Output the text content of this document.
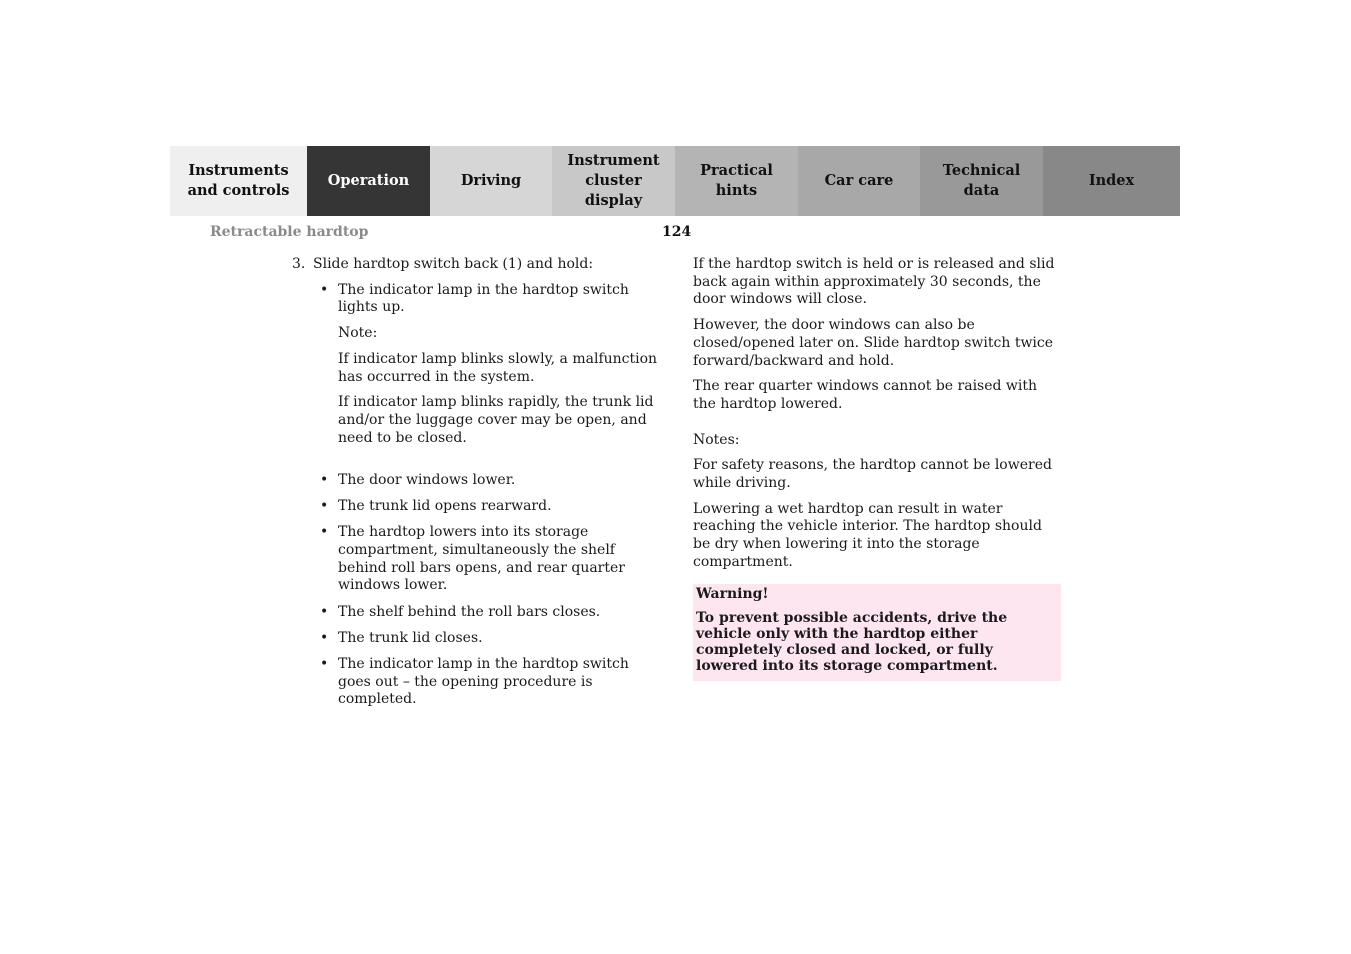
Instruments
and controls
Operation	Driving
Instrument
cluster display
Practical hints
Car care
Technical
data
Index
Retractable hardtop	124
3. Slide hardtop switch back (1) and hold:
• The indicator lamp in the hardtop switch lights up.

Note:

If indicator lamp blinks slowly, a malfunction has occurred in the system.

If indicator lamp blinks rapidly, the trunk lid and/or the luggage cover may be open, and need to be closed.

• The door windows lower.

• The trunk lid opens rearward.

• The hardtop lowers into its storage compartment, simultaneously the shelf behind roll bars opens, and rear quarter windows lower.

• The shelf behind the roll bars closes.

• The trunk lid closes.

• The indicator lamp in the hardtop switch goes out – the opening procedure is completed.

If the hardtop switch is held or is released and slid back again within approximately 30 seconds, the door windows will close.

However, the door windows can also be closed/opened later on. Slide hardtop switch twice forward/backward and hold.

The rear quarter windows cannot be raised with the hardtop lowered.

Notes:

For safety reasons, the hardtop cannot be lowered while driving.

Lowering a wet hardtop can result in water reaching the vehicle interior. The hardtop should be dry when lowering it into the storage compartment.

Warning!

To prevent possible accidents, drive the vehicle only with the hardtop either completely closed and locked, or fully lowered into its storage compartment.
